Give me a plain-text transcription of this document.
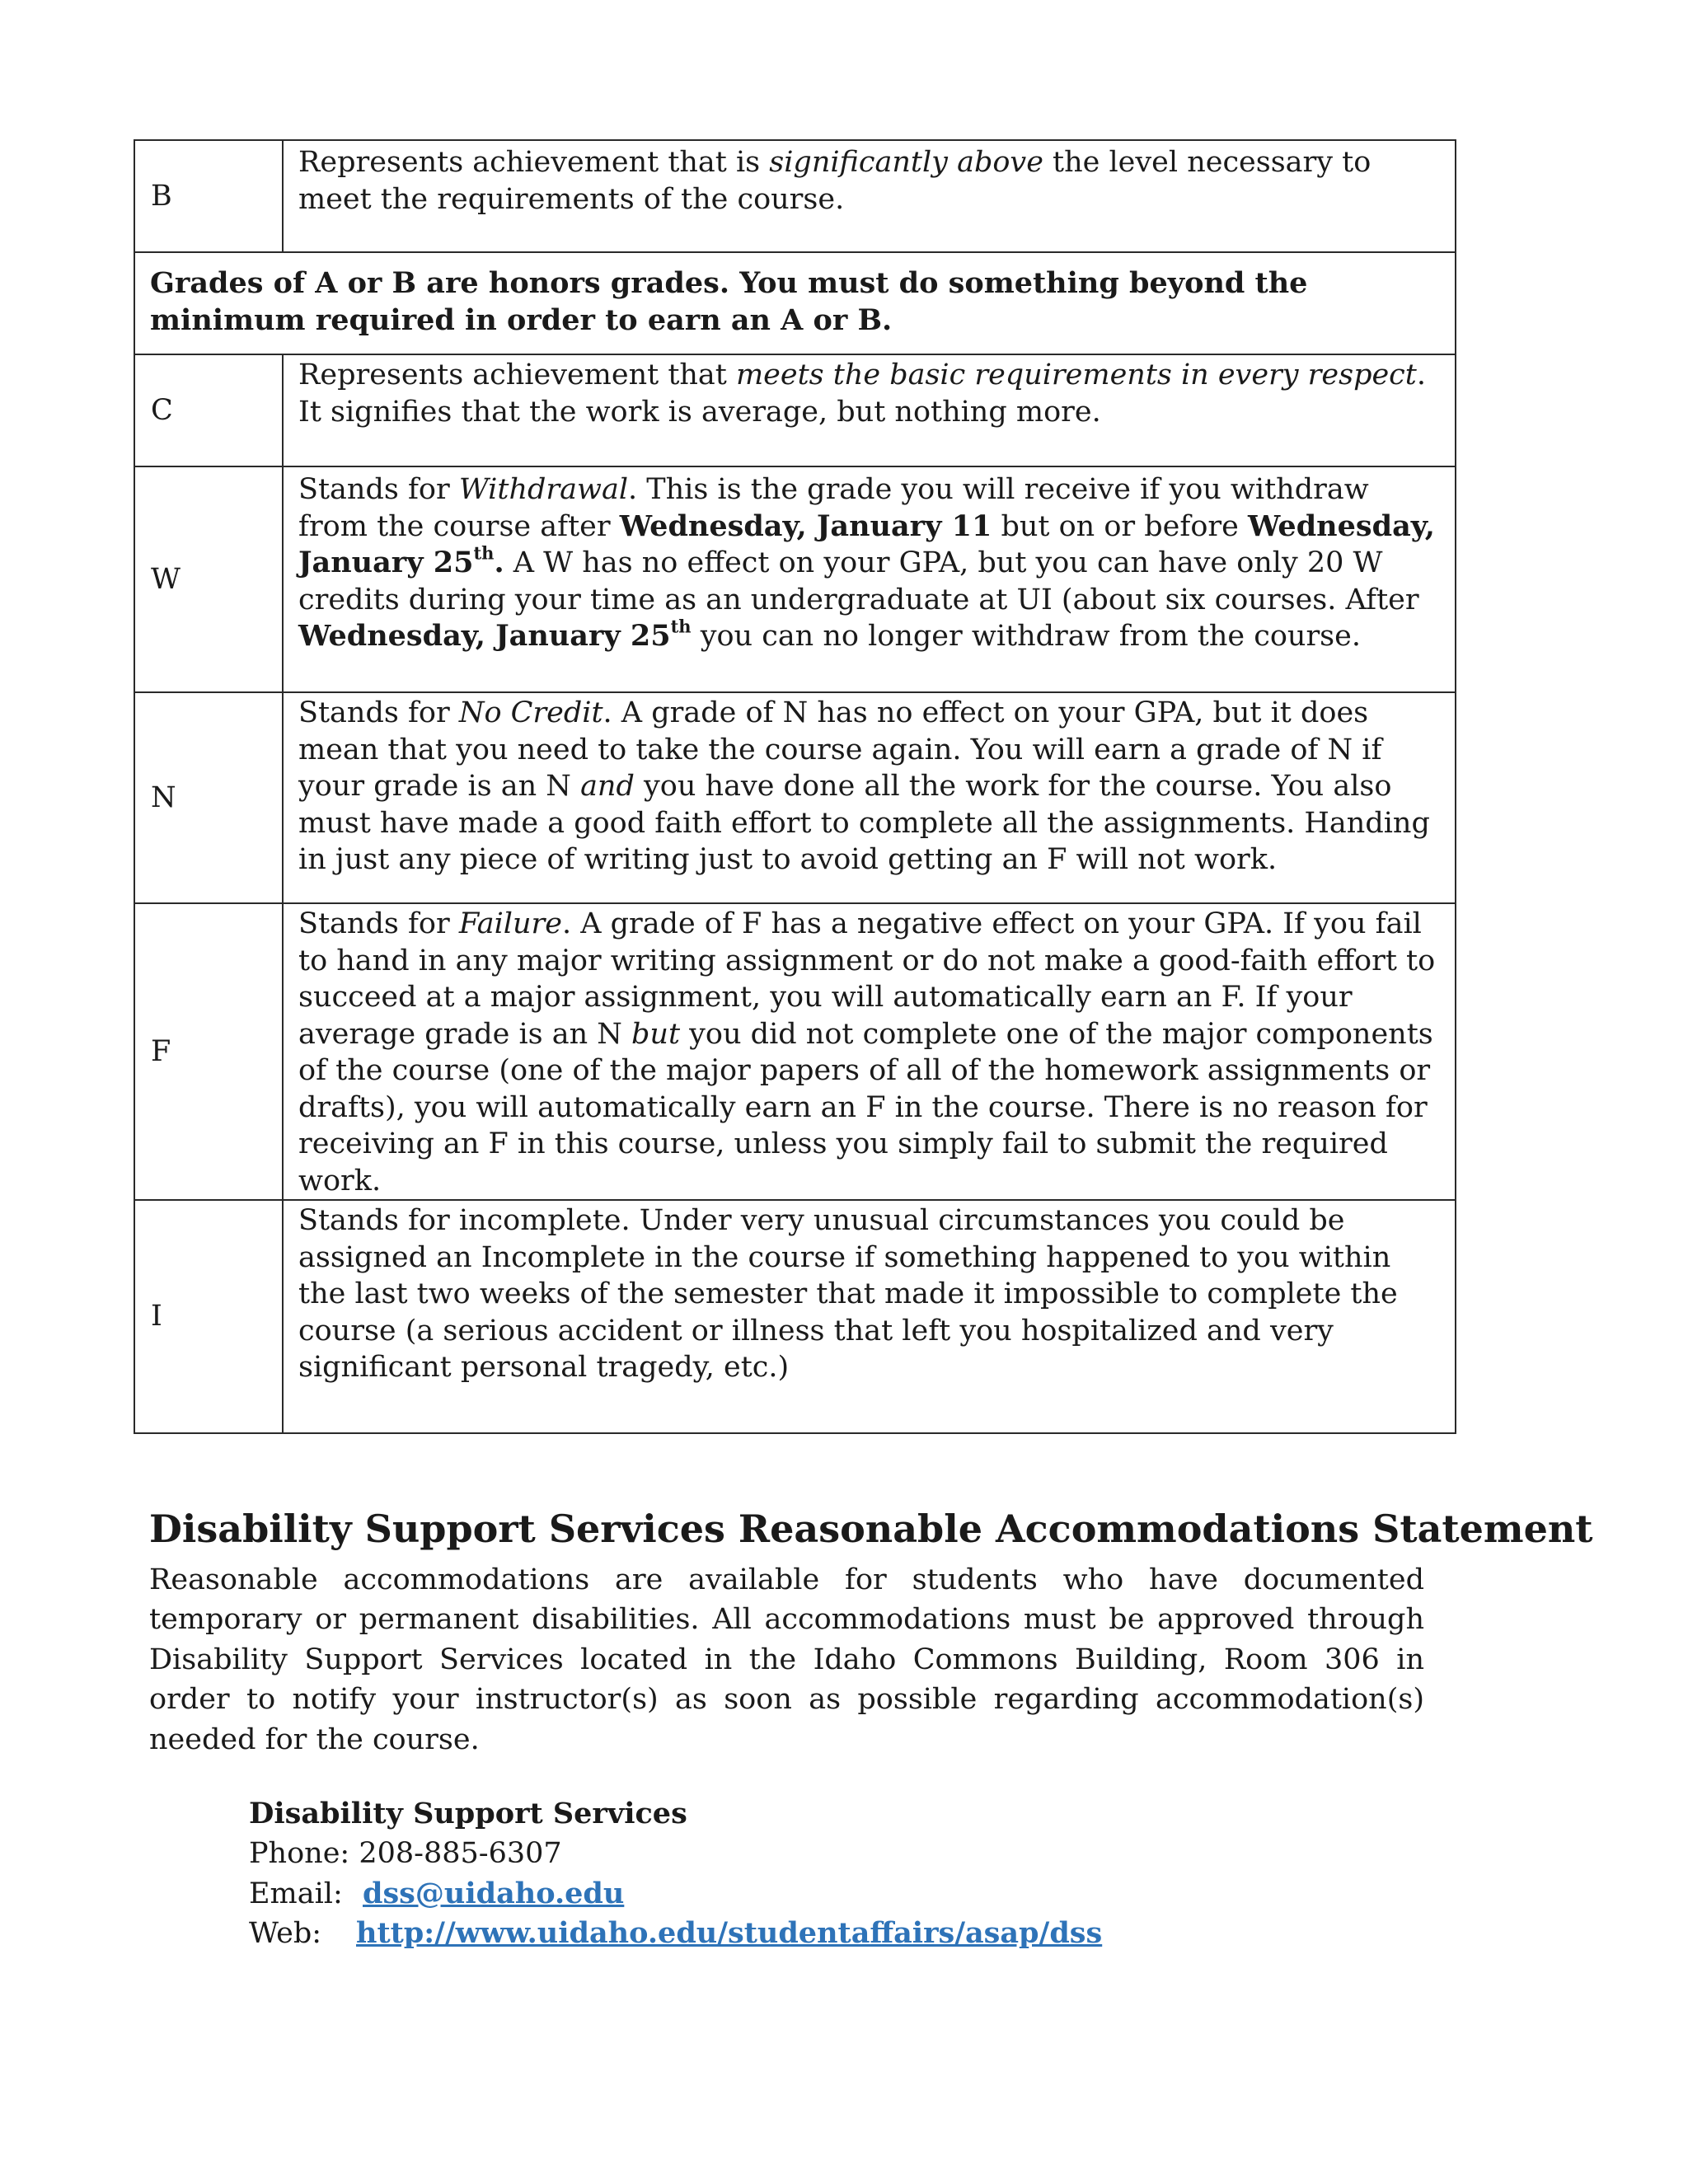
B	Represents achievement that is significantly above the level necessary to meet the requirements of the course.
Grades of A or B are honors grades. You must do something beyond the minimum required in order to earn an A or B.	
C	Represents achievement that meets the basic requirements in every respect. It signifies that the work is average, but nothing more.
W	Stands for Withdrawal. This is the grade you will receive if you withdraw from the course after Wednesday, January 11 but on or before Wednesday, January 25th. A W has no effect on your GPA, but you can have only 20 W credits during your time as an undergraduate at UI (about six courses. After Wednesday, January 25th you can no longer withdraw from the course.
N	Stands for No Credit. A grade of N has no effect on your GPA, but it does mean that you need to take the course again. You will earn a grade of N if your grade is an N and you have done all the work for the course. You also must have made a good faith effort to complete all the assignments. Handing in just any piece of writing just to avoid getting an F will not work.
F	Stands for Failure. A grade of F has a negative effect on your GPA. If you fail to hand in any major writing assignment or do not make a good-faith effort to succeed at a major assignment, you will automatically earn an F. If your average grade is an N but you did not complete one of the major components of the course (one of the major papers of all of the homework assignments or drafts), you will automatically earn an F in the course. There is no reason for receiving an F in this course, unless you simply fail to submit the required work.
I	Stands for incomplete. Under very unusual circumstances you could be assigned an Incomplete in the course if something happened to you within the last two weeks of the semester that made it impossible to complete the course (a serious accident or illness that left you hospitalized and very significant personal tragedy, etc.)
Disability Support Services Reasonable Accommodations Statement

Reasonable accommodations are available for students who have documented temporary or permanent disabilities. All accommodations must be approved through Disability Support Services located in the Idaho Commons Building, Room 306 in order to notify your instructor(s) as soon as possible regarding accommodation(s) needed for the course.

Disability Support Services
Phone: 208-885-6307
Email:dss@uidaho.edu
Web:http://www.uidaho.edu/studentaffairs/asap/dss
